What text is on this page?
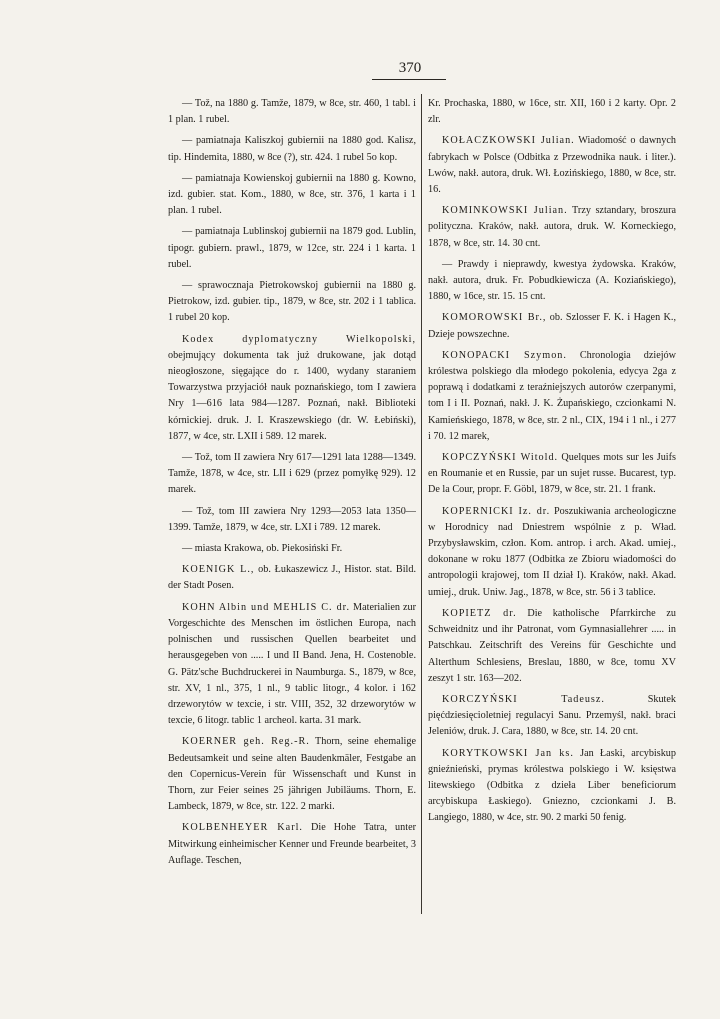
370

— Tož, na 1880 g. Tamže, 1879, w 8ce, str. 460, 1 tabl. i 1 plan. 1 rubel.

— pamiatnaja Kaliszkoj gubiernii na 1880 god. Kalisz, tip. Hindemita, 1880, w 8ce (?), str. 424. 1 rubel 5o kop.

— pamiatnaja Kowienskoj gubiernii na 1880 g. Kowno, izd. gubier. stat. Kom., 1880, w 8ce, str. 376, 1 karta i 1 plan. 1 rubel.

— pamiatnaja Lublinskoj gubiernii na 1879 god. Lublin, tipogr. gubiern. prawl., 1879, w 12ce, str. 224 i 1 karta. 1 rubel.

— sprawocznaja Pietrokowskoj gubiernii na 1880 g. Pietrokow, izd. gubier. tip., 1879, w 8ce, str. 202 i 1 tablica. 1 rubel 20 kop.

Kodex dyplomatyczny Wielkopolski, obejmujący dokumenta tak już drukowane, jak dotąd nieogłoszone, sięgające do r. 1400, wydany staraniem Towarzystwa przyjaciół nauk poznańskiego, tom I zawiera Nry 1—616 lata 984—1287. Poznań, nakł. Biblioteki kórnickiej. druk. J. I. Kraszewskiego (dr. W. Łebiński), 1877, w 4ce, str. LXII i 589. 12 marek.

— Tož, tom II zawiera Nry 617—1291 lata 1288—1349. Tamže, 1878, w 4ce, str. LII i 629 (przez pomyłkę 929). 12 marek.

— Tož, tom III zawiera Nry 1293—2053 lata 1350—1399. Tamže, 1879, w 4ce, str. LXI i 789. 12 marek.

— miasta Krakowa, ob. Piekosiński Fr.

KOENIGK L., ob. Łukaszewicz J., Histor. stat. Bild. der Stadt Posen.

KOHN Albin und MEHLIS C. dr. Materialien zur Vorgeschichte des Menschen im östlichen Europa, nach polnischen und russischen Quellen bearbeitet und herausgegeben von ..... I und II Band. Jena, H. Costenoble. G. Pätz'sche Buchdruckerei in Naumburga. S., 1879, w 8ce, str. XV, 1 nl., 375, 1 nl., 9 tablic litogr., 4 kolor. i 162 drzeworytów w texcie, i str. VIII, 352, 32 drzeworytów w texcie, 6 litogr. tablic 1 archeol. karta. 31 mark.

KOERNER geh. Reg.-R. Thorn, seine ehemalige Bedeutsamkeit und seine alten Baudenkmäler, Festgabe an den Copernicus-Verein für Wissenschaft und Kunst in Thorn, zur Feier seines 25 jährigen Jubiläums. Thorn, E. Lambeck, 1879, w 8ce, str. 122. 2 marki.

KOLBENHEYER Karl. Die Hohe Tatra, unter Mitwirkung einheimischer Kenner und Freunde bearbeitet, 3 Auflage. Teschen,

Kr. Prochaska, 1880, w 16ce, str. XII, 160 i 2 karty. Opr. 2 zlr.

KOŁACZKOWSKI Julian. Wiadomość o dawnych fabrykach w Polsce (Odbitka z Przewodnika nauk. i liter.). Lwów, nakł. autora, druk. Wł. Łozińskiego, 1880, w 8ce, str. 16.

KOMINKOWSKI Julian. Trzy sztandary, broszura polityczna. Kraków, nakł. autora, druk. W. Korneckiego, 1878, w 8ce, str. 14. 30 cnt.

— Prawdy i nieprawdy, kwestya żydowska. Kraków, nakł. autora, druk. Fr. Pobudkiewicza (A. Koziańskiego), 1880, w 16ce, str. 15. 15 cnt.

KOMOROWSKI Br., ob. Szlosser F. K. i Hagen K., Dzieje powszechne.

KONOPACKI Szymon. Chronologia dziejów królestwa polskiego dla młodego pokolenia, edycya 2ga z poprawą i dodatkami z teraźniejszych autorów czerpanymi, tom I i II. Poznań, nakł. J. K. Żupańskiego, czcionkami N. Kamieńskiego, 1878, w 8ce, str. 2 nl., CIX, 194 i 1 nl., i 277 i 70. 12 marek,

KOPCZYŃSKI Witold. Quelques mots sur les Juifs en Roumanie et en Russie, par un sujet russe. Bucarest, typ. De la Cour, propr. F. Göbl, 1879, w 8ce, str. 21. 1 frank.

KOPERNICKI Iz. dr. Poszukiwania archeologiczne w Horodnicy nad Dniestrem wspólnie z p. Wład. Przybysławskim, człon. Kom. antrop. i arch. Akad. umiej., dokonane w roku 1877 (Odbitka ze Zbioru wiadomości do antropologii krajowej, tom II dział I). Kraków, nakł. Akad. umiej., druk. Uniw. Jag., 1878, w 8ce, str. 56 i 3 tablice.

KOPIETZ dr. Die katholische Pfarrkirche zu Schweidnitz und ihr Patronat, vom Gymnasiallehrer ..... in Patschkau. Zeitschrift des Vereins für Geschichte und Alterthum Schlesiens, Breslau, 1880, w 8ce, tomu XV zeszyt 1 str. 163—202.

KORCZYŃSKI Tadeusz. Skutek pięćdziesięcioletniej regulacyi Sanu. Przemyśl, nakł. braci Jeleniów, druk. J. Cara, 1880, w 8ce, str. 14. 20 cnt.

KORYTKOWSKI Jan ks. Jan Łaski, arcybiskup gnieźnieński, prymas królestwa polskiego i W. księstwa litewskiego (Odbitka z dzieła Liber beneficiorum arcybiskupa Łaskiego). Gniezno, czcionkami J. B. Langiego, 1880, w 4ce, str. 90. 2 marki 50 fenig.
